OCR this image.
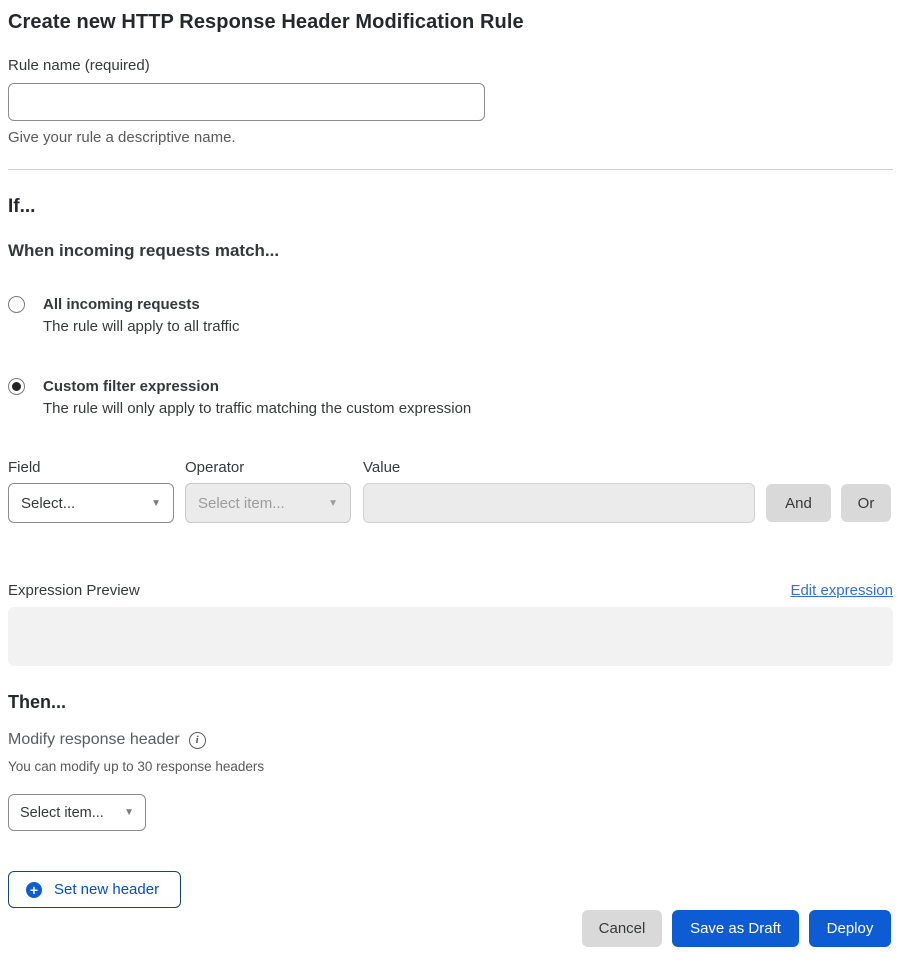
Create new HTTP Response Header Modification Rule
Rule name (required)
Give your rule a descriptive name.
If...
When incoming requests match...
All incoming requests
The rule will apply to all traffic
Custom filter expression
The rule will only apply to traffic matching the custom expression
Field	Operator	Value
Select...	▼ Select item...	▼	And	Or
Expression Preview	Edit expression
Then...
Modify response header	i
You can modify up to 30 response headers
Select item... ▼
+ Set new header
Cancel	Save as Draft	Deploy
